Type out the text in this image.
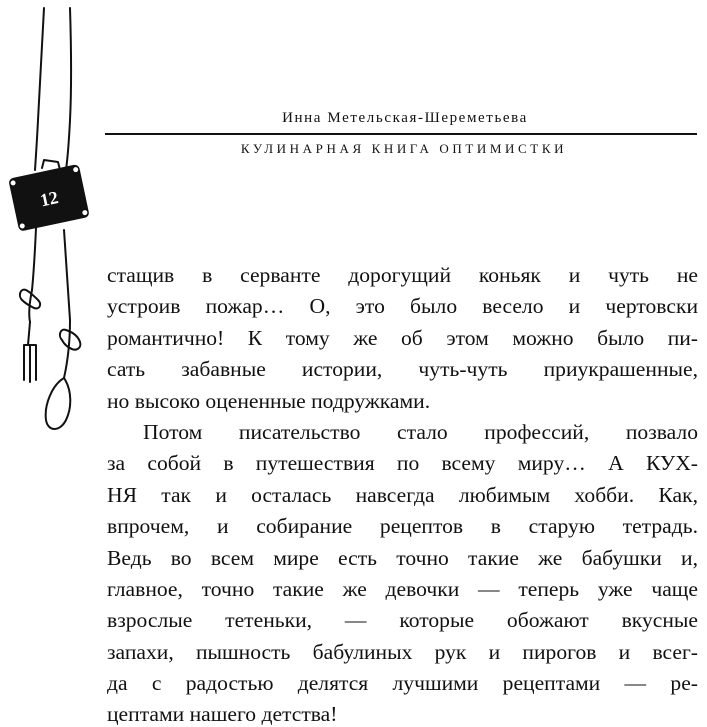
12
Инна Метельская-Шереметьева
КУЛИНАРНАЯ КНИГА ОПТИМИСТКИ

стащив в серванте дорогущий коньяк и чуть не
устроив пожар… О, это было весело и чертовски
романтично! К тому же об этом можно было пи-
сать забавные истории, чуть-чуть приукрашенные,
но высоко оцененные подружками.

Потом писательство стало профессий, позвало
за собой в путешествия по всему миру… А КУХ-
НЯ так и осталась навсегда любимым хобби. Как,
впрочем, и собирание рецептов в старую тетрадь.
Ведь во всем мире есть точно такие же бабушки и,
главное, точно такие же девочки — теперь уже чаще
взрослые тетеньки, — которые обожают вкусные
запахи, пышность бабулиных рук и пирогов и всег-
да с радостью делятся лучшими рецептами — ре-
цептами нашего детства!
